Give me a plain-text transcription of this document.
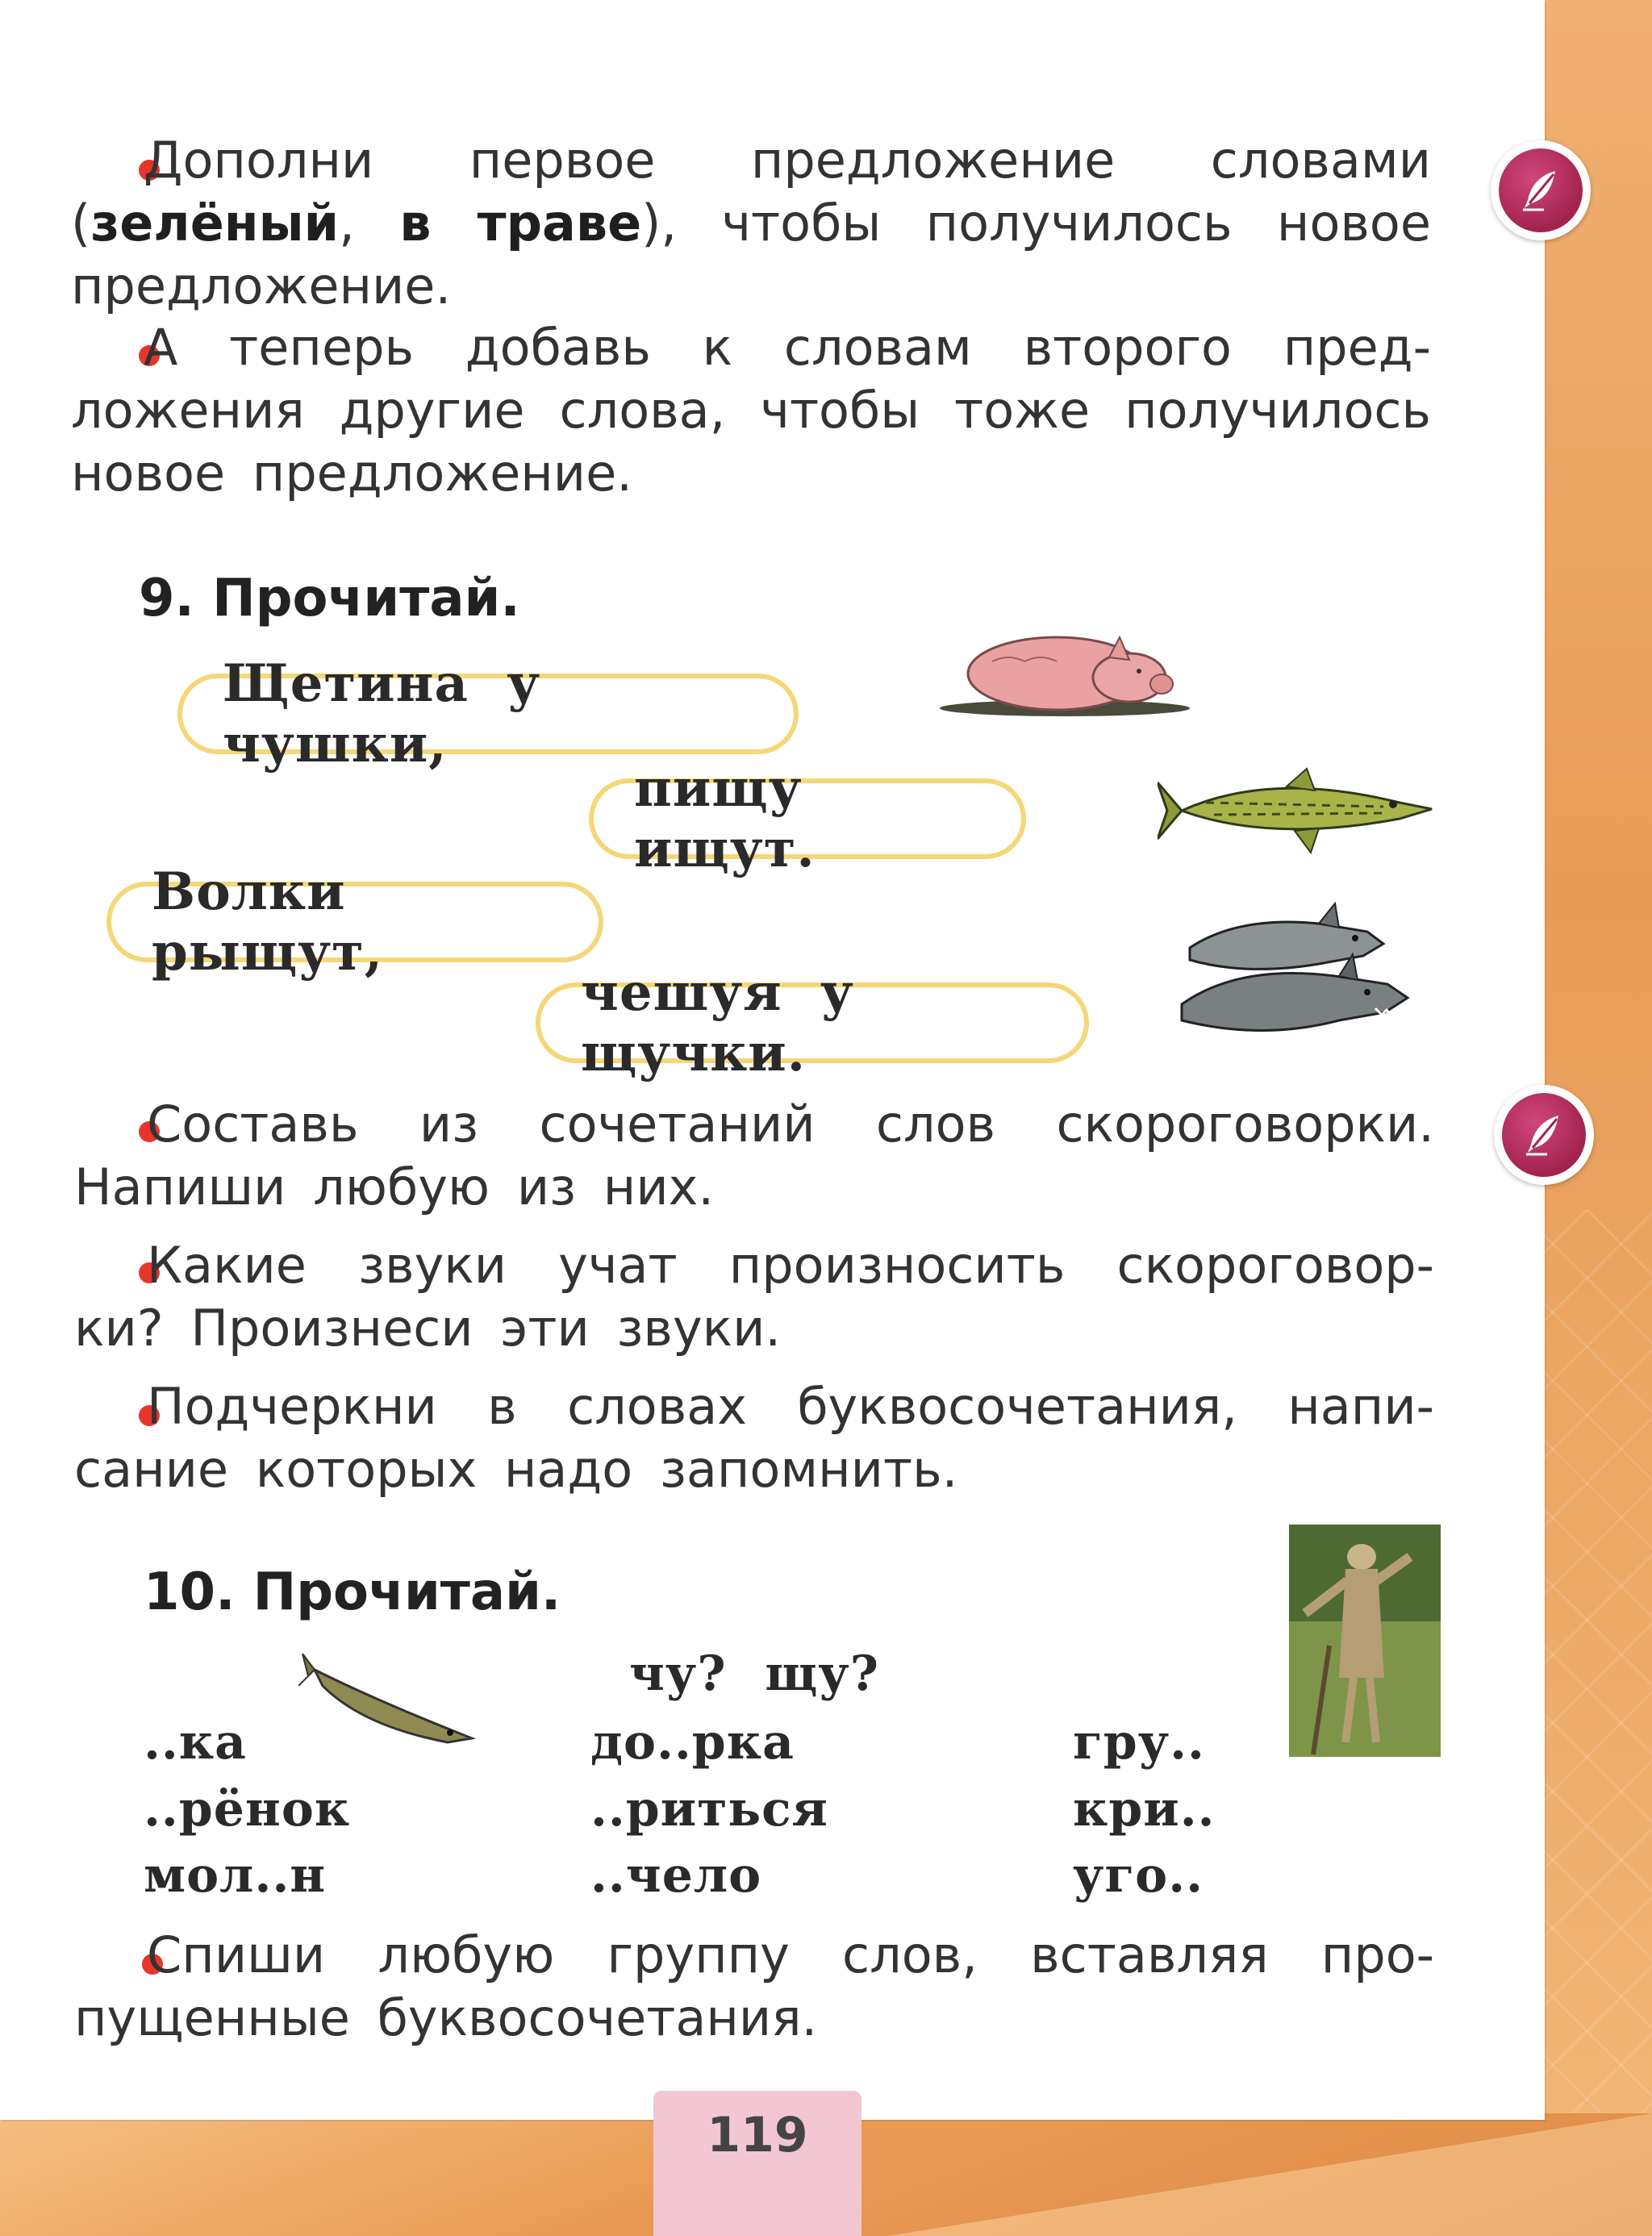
Дополни первое предложение словами
(зелёный, в траве), чтобы получилось новое
предложение.
А теперь добавь к словам второго пред-
ложения другие слова, чтобы тоже получилось
новое предложение.
9. Прочитай.
Щетина у чушки,
пищу ищут.
Волки рыщут,
чешуя у щучки.
Составь из сочетаний слов скороговорки.
Напиши любую из них.
Какие звуки учат произносить скороговор-
ки? Произнеси эти звуки.
Подчеркни в словах буквосочетания, напи-
сание которых надо запомнить.
10. Прочитай.
чу? щу?
..ка
..рёнок
мол..н
до..рка
..риться
..чело
гру..
кри..
уго..
Спиши любую группу слов, вставляя про-
пущенные буквосочетания.
119
